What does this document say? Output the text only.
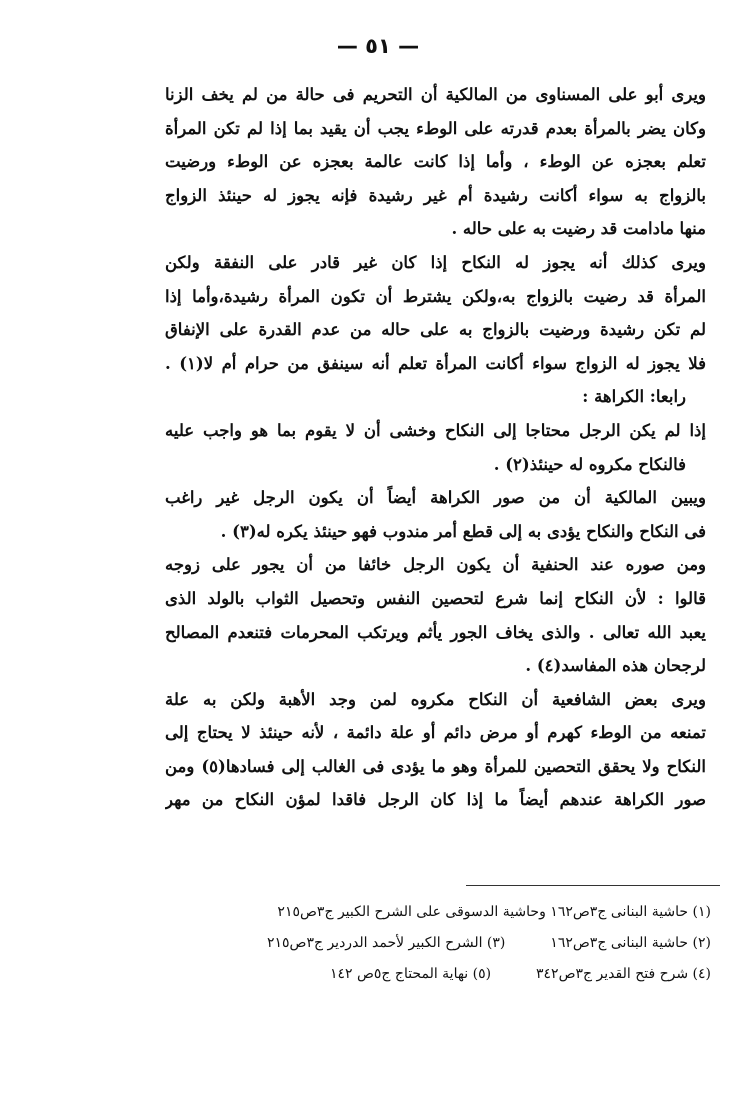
— ٥١ —
ويرى أبو على المسناوى من المالكية أن التحريم فى حالة من لم يخف الزنا
وكان يضر بالمرأة بعدم قدرته على الوطء يجب أن يقيد بما إذا لم تكن المرأة
تعلم بعجزه عن الوطء ، وأما إذا كانت عالمة بعجزه عن الوطء ورضيت
بالزواج به سواء أكانت رشيدة أم غير رشيدة فإنه يجوز له حينئذ الزواج
منها مادامت قد رضيت به على حاله .
ويرى كذلك أنه يجوز له النكاح إذا كان غير قادر على النفقة ولكن
المرأة قد رضيت بالزواج به،ولكن يشترط أن تكون المرأة رشيدة،وأما إذا
لم تكن رشيدة ورضيت بالزواج به على حاله من عدم القدرة على الإنفاق
فلا يجوز له الزواج سواء أكانت المرأة تعلم أنه سينفق من حرام أم لا(١) .
رابعا: الكراهة :
إذا لم يكن الرجل محتاجا إلى النكاح وخشى أن لا يقوم بما هو واجب عليه
فالنكاح مكروه له حينئذ(٢) .
ويبين المالكية أن من صور الكراهة أيضاً أن يكون الرجل غير راغب
فى النكاح والنكاح يؤدى به إلى قطع أمر مندوب فهو حينئذ يكره له(٣) .
ومن صوره عند الحنفية أن يكون الرجل خائفا من أن يجور على زوجه
قالوا : لأن النكاح إنما شرع لتحصين النفس وتحصيل الثواب بالولد الذى
يعبد الله تعالى . والذى يخاف الجور يأثم ويرتكب المحرمات فتنعدم المصالح
لرجحان هذه المفاسد(٤) .
ويرى بعض الشافعية أن النكاح مكروه لمن وجد الأهبة ولكن به علة
تمنعه من الوطء كهرم أو مرض دائم أو علة دائمة ، لأنه حينئذ لا يحتاج إلى
النكاح ولا يحقق التحصين للمرأة وهو ما يؤدى فى الغالب إلى فسادها(٥) ومن
صور الكراهة عندهم أيضاً ما إذا كان الرجل فاقدا لمؤن النكاح من مهر
(١) حاشية البنانى ج٣ص١٦٢ وحاشية الدسوقى على الشرح الكبير ج٣ص٢١٥
(٢) حاشية البنانى ج٣ص١٦٢  (٣) الشرح الكبير لأحمد الدردير ج٣ص٢١٥
(٤) شرح فتح القدير ج٣ص٣٤٢  (٥) نهاية المحتاج ج٥ص ١٤٢
